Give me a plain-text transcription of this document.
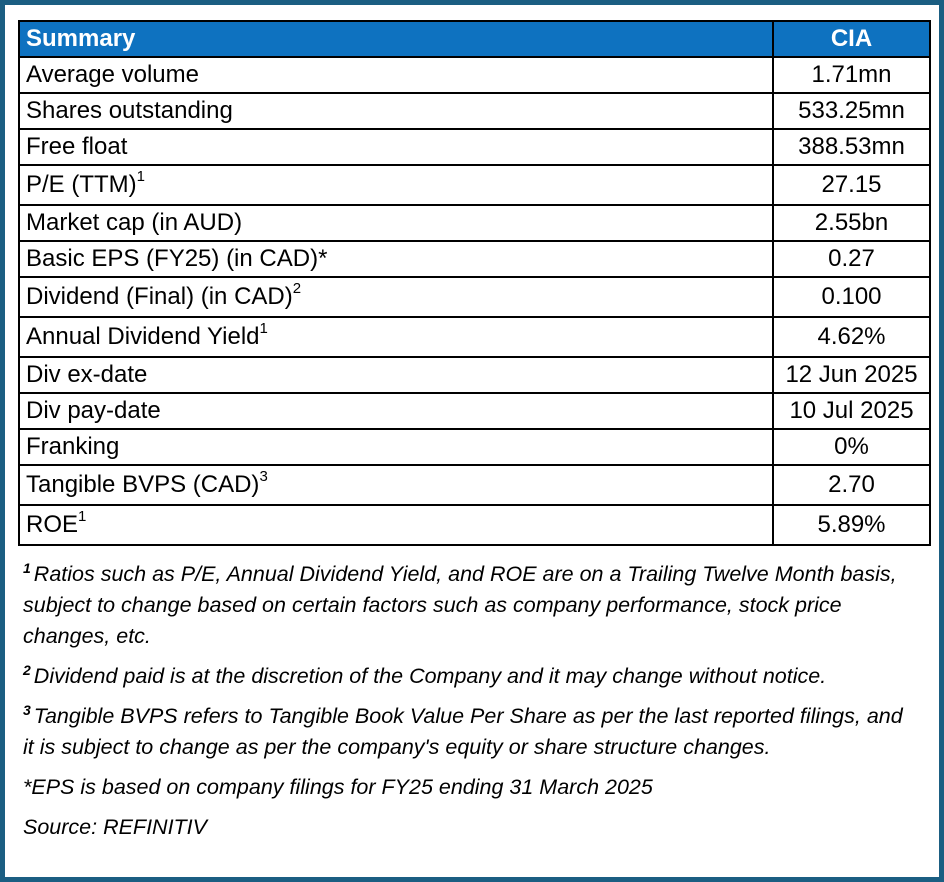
Summary	CIA
Average volume	1.71mn
Shares outstanding	533.25mn
Free float	388.53mn
P/E (TTM)$^1$	27.15
Market cap (in AUD)	2.55bn
Basic EPS (FY25) (in CAD)*	0.27
Dividend (Final) (in CAD)$^2$	0.100
Annual Dividend Yield$^1$	4.62%
Div ex-date	12 Jun 2025
Div pay-date	10 Jul 2025
Franking	0%
Tangible BVPS (CAD)$^3$	2.70
ROE$^1$	5.89%

$^1$ Ratios such as P/E, Annual Dividend Yield, and ROE are on a Trailing Twelve Month basis, subject to change based on certain factors such as company performance, stock price changes, etc.

$^2$ Dividend paid is at the discretion of the Company and it may change without notice.

$^3$ Tangible BVPS refers to Tangible Book Value Per Share as per the last reported filings, and it is subject to change as per the company's equity or share structure changes.

*EPS is based on company filings for FY25 ending 31 March 2025

Source: REFINITIV
